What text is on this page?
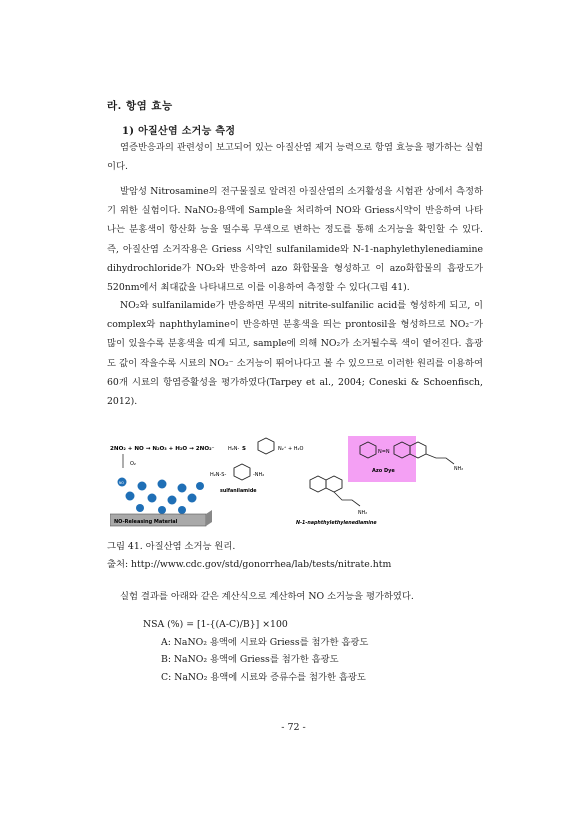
라. 항염 효능
1) 아질산염 소거능 측정
염증반응과의 관련성이 보고되어 있는 아질산염 제거 능력으로 항염 효능을 평가하는 실험이다.
발암성 Nitrosamine의 전구물질로 알려진 아질산염의 소거활성을 시험관 상에서 측정하기 위한 실험이다. NaNO₂용액에 Sample을 처리하여 NO와 Griess시약이 반응하여 나타나는 분홍색이 항산화 능을 띨수록 무색으로 변하는 정도를 통해 소거능을 확인할 수 있다. 즉, 아질산염 소거작용은 Griess 시약인 sulfanilamide와 N-1-naphylethylenediamine dihydrochloride가 NO₂와 반응하여 azo 화합물을 형성하고 이 azo화합물의 흡광도가 520nm에서 최대값을 나타내므로 이를 이용하여 측정할 수 있다(그림 41).
NO₂와 sulfanilamide가 반응하면 무색의 nitrite-sulfanilic acid를 형성하게 되고, 이 complex와 naphthylamine이 반응하면 분홍색을 띄는 prontosil을 형성하므로 NO₂⁻가 많이 있을수록 분홍색을 띠게 되고, sample에 의해 NO₂가 소거될수록 색이 옅어진다. 흡광도 값이 작을수록 시료의 NO₂⁻ 소거능이 뛰어나다고 볼 수 있으므로 이러한 원리를 이용하여 60개 시료의 항염증활성을 평가하였다(Tarpey et al., 2004; Coneski & Schoenfisch, 2012).
2NO₂ + NO → N₂O₃ + H₂O → 2NO₂⁻
O₂
H₂N- S	N₂⁺ + H₂O
H₂N-S-	-NH₂
sulfanilamide
NH₂
N-1-naphthylethylenediamine
N=N
NH₂
Azo Dye
NO
NO-Releasing Material
그림 41. 아질산염 소거능 원리.
출처: http://www.cdc.gov/std/gonorrhea/lab/tests/nitrate.htm
실험 결과를 아래와 같은 계산식으로 계산하여 NO 소거능을 평가하였다.
NSA (%) = [1-{(A-C)/B}] ×100
A: NaNO₂ 용액에 시료와 Griess를 첨가한 흡광도
B: NaNO₂ 용액에 Griess를 첨가한 흡광도
C: NaNO₂ 용액에 시료와 증류수를 첨가한 흡광도
- 72 -
